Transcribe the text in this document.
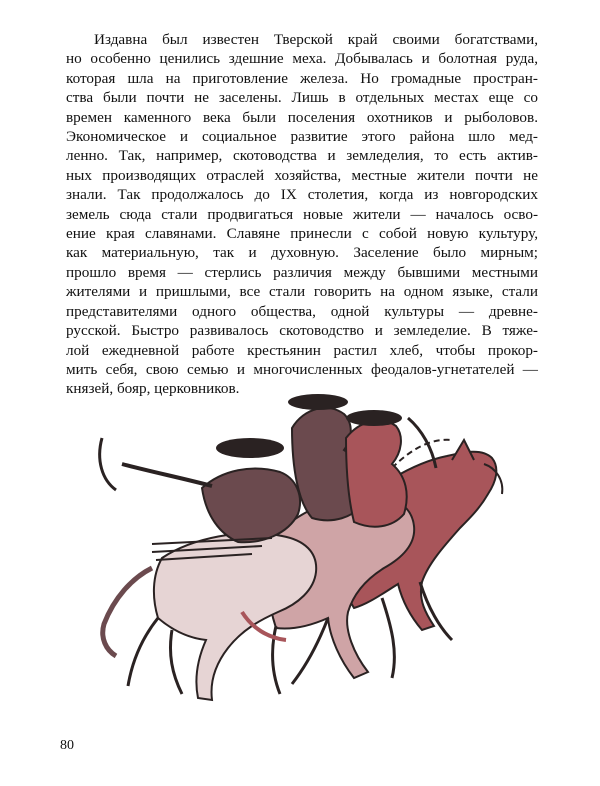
Издавна был известен Тверской край своими богатствами,
но особенно ценились здешние меха. Добывалась и болотная руда,
которая шла на приготовление железа. Но громадные простран-
ства были почти не заселены. Лишь в отдельных местах еще со
времен каменного века были поселения охотников и рыболовов.
Экономическое и социальное развитие этого района шло мед-
ленно. Так, например, скотоводства и земледелия, то есть актив-
ных производящих отраслей хозяйства, местные жители почти не
знали. Так продолжалось до IX столетия, когда из новгородских
земель сюда стали продвигаться новые жители — началось осво-
ение края славянами. Славяне принесли с собой новую культуру,
как материальную, так и духовную. Заселение было мирным;
прошло время — стерлись различия между бывшими местными
жителями и пришлыми, все стали говорить на одном языке, стали
представителями одного общества, одной культуры — древне-
русской. Быстро развивалось скотоводство и земледелие. В тяже-
лой ежедневной работе крестьянин растил хлеб, чтобы прокор-
мить себя, свою семью и многочисленных феодалов-угнетателей —
князей, бояр, церковников.
80
